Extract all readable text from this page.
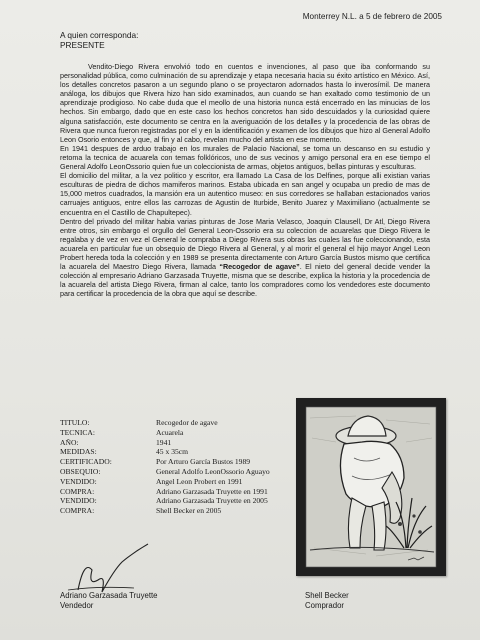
Monterrey N.L. a 5 de febrero de 2005
A quien corresponda:
PRESENTE

Vendito-Diego Rivera envolvió todo en cuentos e invenciones, al paso que iba conformando su personalidad pública, como culminación de su aprendizaje y etapa necesaria hacia su éxito artístico en México. Así, los detalles concretos pasaron a un segundo plano o se proyectaron adornados hasta lo inverosímil. De manera análoga, los dibujos que Rivera hizo han sido examinados, aun cuando se han exaltado como testimonio de un aprendizaje prodigioso. No cabe duda que el meollo de una historia nunca está encerrado en las minucias de los hechos. Sin embargo, dado que en este caso los hechos concretos han sido descuidados y la curiosidad quiere alguna satisfacción, este documento se centra en la averiguación de los detalles y la procedencia de las obras de Rivera que nunca fueron registradas por el y en la identificación y examen de los dibujos que hizo al General Adolfo Leon Osorio entonces y que, al fin y al cabo, revelan mucho del artista en ese momento.

En 1941 despues de arduo trabajo en los murales de Palacio Nacional, se toma un descanso en su estudio y retoma la tecnica de acuarela con temas folklóricos, uno de sus vecinos y amigo personal era en ese tiempo el General Adolfo LeonOssorio quien fue un coleccionista de armas, objetos antiguos, bellas pinturas y esculturas.

El domicilio del militar, a la vez politico y escritor, era llamado La Casa de los Delfines, porque alli existian varias esculturas de piedra de dichos mamiferos marinos. Estaba ubicada en san angel y ocupaba un predio de mas de 15,000 metros cuadrados, la mansión era un autentico museo: en sus corredores se hallaban estacionados varios carruajes antiguos, entre ellos las carrozas de Agustin de Iturbide, Benito Juarez y Maximiliano (actualmente se encuentra en el Castillo de Chapultepec).

Dentro del privado del militar habia varias pinturas de Jose Maria Velasco, Joaquin Clausell, Dr Atl, Diego Rivera entre otros, sin embargo el orgullo del General Leon-Ossorio era su coleccion de acuarelas que Diego Rivera le regalaba y de vez en vez el General le compraba a Diego Rivera sus obras las cuales las fue coleccionando, esta acuarela en particular fue un obsequio de Diego Rivera al General, y al morir el general el hijo mayor Angel Leon Probert hereda toda la colección y en 1989 se presenta directamente con Arturo García Bustos mismo que certifica la acuarela del Maestro Diego Rivera, llamada “Recogedor de agave”. El nieto del general decide vender la colección al empresario Adriano Garzasada Truyette, misma que se describe, explica la historia y la procedencia de la acuarela del artista Diego Rivera, firman al calce, tanto los compradores como los vendedores este documento para certificar la procedencia de la obra que aquí se describe.

TITULO:	Recogedor de agave
TECNICA:	Acuarela
AÑO:	1941
MEDIDAS:	45 x 35cm
CERTIFICADO:	Por Arturo García Bustos 1989
OBSEQUIO:	General Adolfo LeonOssorio Aguayo
VENDIDO:	Angel Leon Probert en 1991
COMPRA:	Adriano Garzasada Truyette en 1991
VENDIDO:	Adriano Garzasada Truyette en 2005
COMPRA:	Shell Becker en 2005
Adriano Garzasada Truyette
Vendedor
Shell Becker
Comprador
